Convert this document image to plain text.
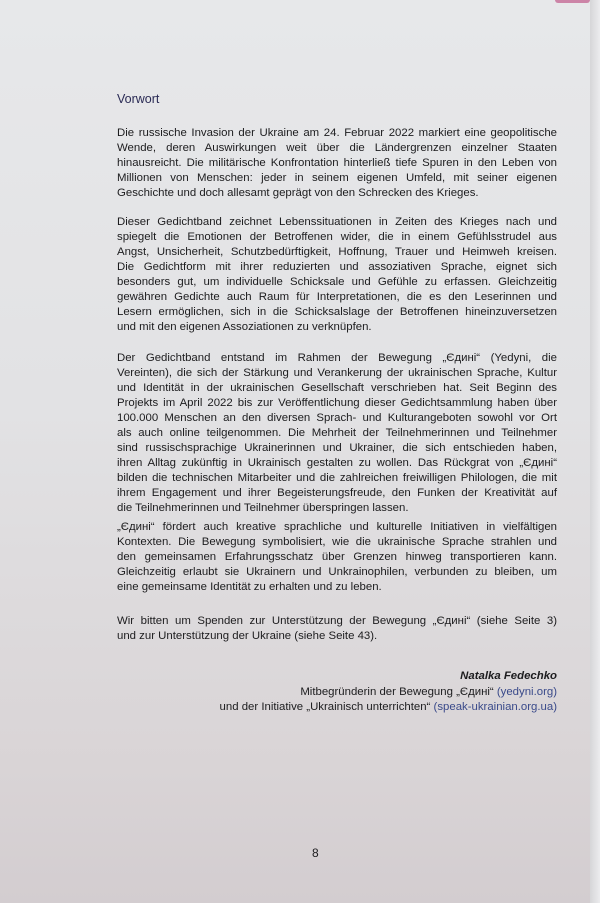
Vorwort
Die russische Invasion der Ukraine am 24. Februar 2022 markiert eine geopolitische
Wende, deren Auswirkungen weit über die Ländergrenzen einzelner Staaten
hinausreicht. Die militärische Konfrontation hinterließ tiefe Spuren in den Leben von
Millionen von Menschen: jeder in seinem eigenen Umfeld, mit seiner eigenen
Geschichte und doch allesamt geprägt von den Schrecken des Krieges.
Dieser Gedichtband zeichnet Lebenssituationen in Zeiten des Krieges nach und
spiegelt die Emotionen der Betroffenen wider, die in einem Gefühlsstrudel aus
Angst, Unsicherheit, Schutzbedürftigkeit, Hoffnung, Trauer und Heimweh kreisen.
Die Gedichtform mit ihrer reduzierten und assoziativen Sprache, eignet sich
besonders gut, um individuelle Schicksale und Gefühle zu erfassen. Gleichzeitig
gewähren Gedichte auch Raum für Interpretationen, die es den Leserinnen und
Lesern ermöglichen, sich in die Schicksalslage der Betroffenen hineinzuversetzen
und mit den eigenen Assoziationen zu verknüpfen.
Der Gedichtband entstand im Rahmen der Bewegung „Єдині“ (Yedyni, die
Vereinten), die sich der Stärkung und Verankerung der ukrainischen Sprache, Kultur
und Identität in der ukrainischen Gesellschaft verschrieben hat. Seit Beginn des
Projekts im April 2022 bis zur Veröffentlichung dieser Gedichtsammlung haben über
100.000 Menschen an den diversen Sprach- und Kulturangeboten sowohl vor Ort
als auch online teilgenommen. Die Mehrheit der Teilnehmerinnen und Teilnehmer
sind russischsprachige Ukrainerinnen und Ukrainer, die sich entschieden haben,
ihren Alltag zukünftig in Ukrainisch gestalten zu wollen. Das Rückgrat von „Єдині“
bilden die technischen Mitarbeiter und die zahlreichen freiwilligen Philologen, die mit
ihrem Engagement und ihrer Begeisterungsfreude, den Funken der Kreativität auf
die Teilnehmerinnen und Teilnehmer überspringen lassen.
„Єдині“ fördert auch kreative sprachliche und kulturelle Initiativen in vielfältigen
Kontexten. Die Bewegung symbolisiert, wie die ukrainische Sprache strahlen und
den gemeinsamen Erfahrungsschatz über Grenzen hinweg transportieren kann.
Gleichzeitig erlaubt sie Ukrainern und Unkrainophilen, verbunden zu bleiben, um
eine gemeinsame Identität zu erhalten und zu leben.
Wir bitten um Spenden zur Unterstützung der Bewegung „Єдині“ (siehe Seite 3)
und zur Unterstützung der Ukraine (siehe Seite 43).
Natalka Fedechko
Mitbegründerin der Bewegung „Єдині“ (yedyni.org)
und der Initiative „Ukrainisch unterrichten“ (speak-ukrainian.org.ua)
8
